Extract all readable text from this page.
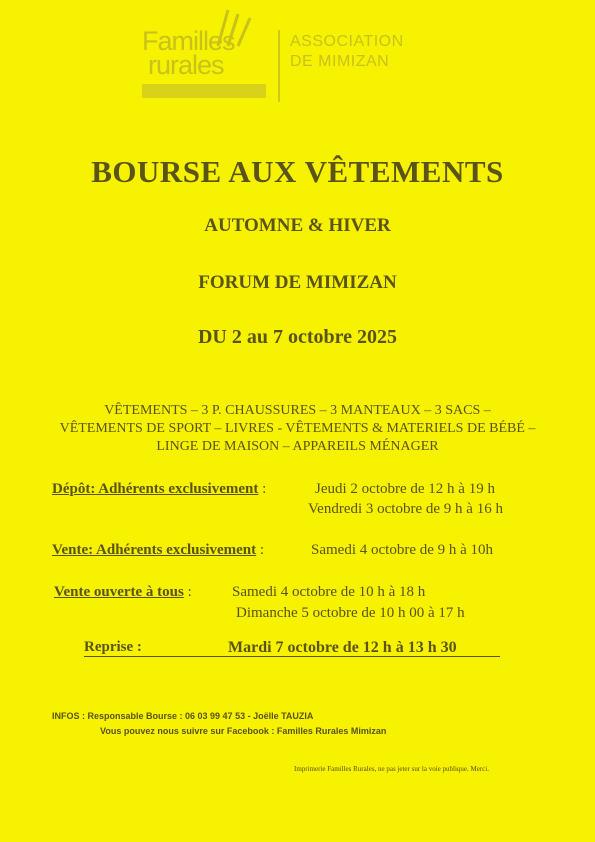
Familles
rurales
ASSOCIATION
DE MIMIZAN
BOURSE AUX VÊTEMENTS
AUTOMNE & HIVER
FORUM DE MIMIZAN
DU 2 au 7 octobre 2025
VÊTEMENTS – 3 P. CHAUSSURES – 3 MANTEAUX – 3 SACS –
VÊTEMENTS DE SPORT – LIVRES - VÊTEMENTS & MATERIELS DE BÉBÉ –
LINGE DE MAISON – APPAREILS MÉNAGER
Dépôt: Adhérents exclusivement :	Jeudi 2 octobre de 12 h à 19 h
Vendredi 3 octobre de 9 h à 16 h
Vente: Adhérents exclusivement :	Samedi 4 octobre de 9 h à 10h
Vente ouverte à tous :	Samedi 4 octobre de 10 h à 18 h
Dimanche 5 octobre de 10 h 00 à 17 h
Reprise :	Mardi 7 octobre de 12 h à 13 h 30
INFOS : Responsable Bourse : 06 03 99 47 53 - Joëlle TAUZIA
Vous pouvez nous suivre sur Facebook : Familles Rurales Mimizan
Imprimerie Familles Rurales, ne pas jeter sur la voie publique. Merci.
